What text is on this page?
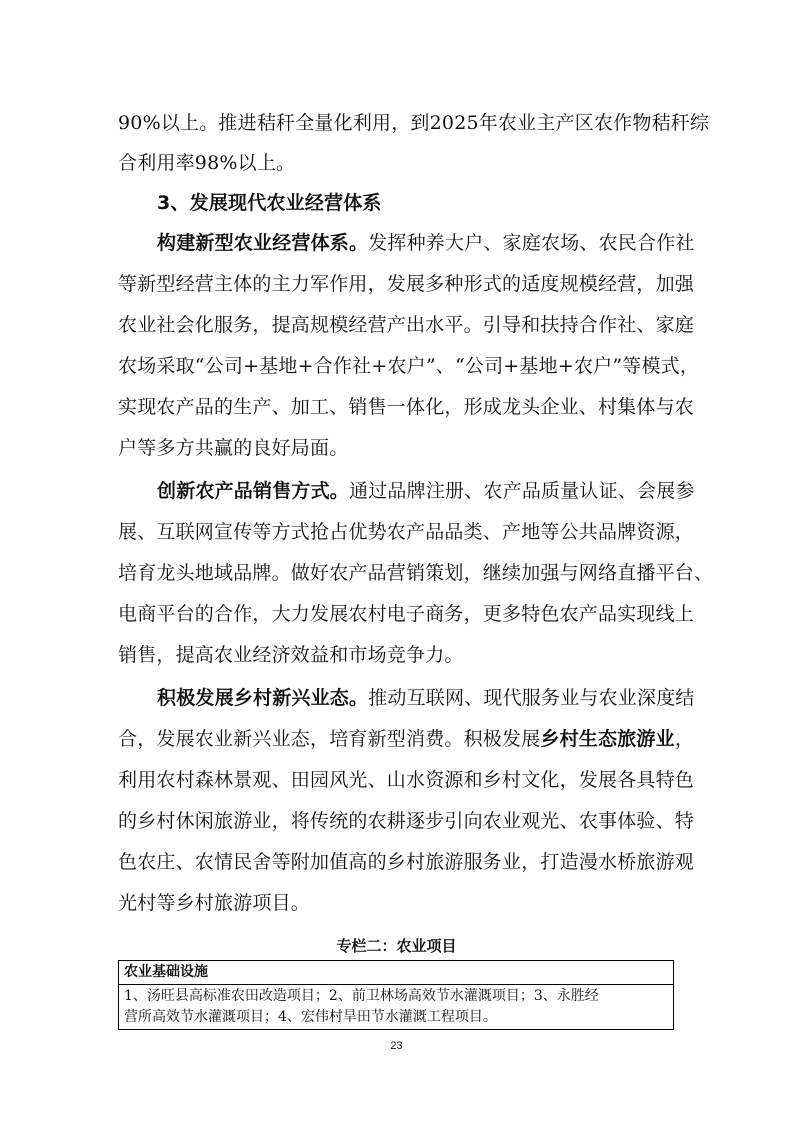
90%以上。推进秸秆全量化利用，到2025年农业主产区农作物秸秆综
合利用率98%以上。
3、发展现代农业经营体系
构建新型农业经营体系。发挥种养大户、家庭农场、农民合作社
等新型经营主体的主力军作用，发展多种形式的适度规模经营，加强
农业社会化服务，提高规模经营产出水平。引导和扶持合作社、家庭
农场采取“公司+基地+合作社+农户”、“公司+基地+农户”等模式，
实现农产品的生产、加工、销售一体化，形成龙头企业、村集体与农
户等多方共赢的良好局面。
创新农产品销售方式。通过品牌注册、农产品质量认证、会展参
展、互联网宣传等方式抢占优势农产品品类、产地等公共品牌资源，
培育龙头地域品牌。做好农产品营销策划，继续加强与网络直播平台、
电商平台的合作，大力发展农村电子商务，更多特色农产品实现线上
销售，提高农业经济效益和市场竞争力。
积极发展乡村新兴业态。推动互联网、现代服务业与农业深度结
合，发展农业新兴业态，培育新型消费。积极发展乡村生态旅游业，
利用农村森林景观、田园风光、山水资源和乡村文化，发展各具特色
的乡村休闲旅游业，将传统的农耕逐步引向农业观光、农事体验、特
色农庄、农情民舍等附加值高的乡村旅游服务业，打造漫水桥旅游观
光村等乡村旅游项目。
专栏二：农业项目
农业基础设施

1、汤旺县高标准农田改造项目；2、前卫林场高效节水灌溉项目；3、永胜经
营所高效节水灌溉项目；4、宏伟村旱田节水灌溉工程项目。
23
